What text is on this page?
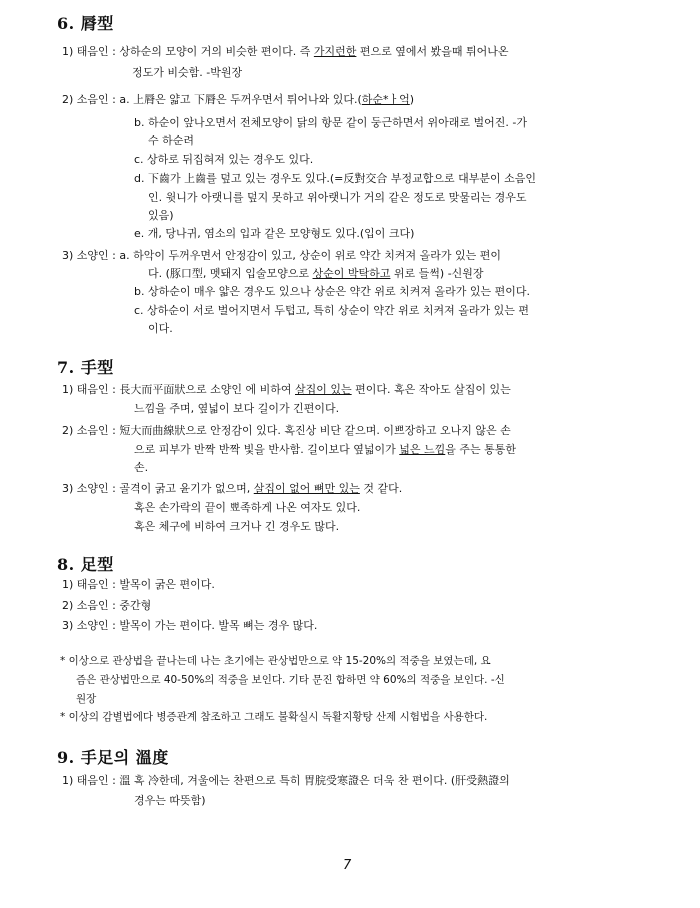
6. 脣型
1) 태음인 : 상하순의 모양이 거의 비슷한 편이다. 즉 가지런한 편으로 옆에서 봤을때 튀어나온
정도가 비슷함. -박원장
2) 소음인 : a. 上脣은 얇고 下脣은 두꺼우면서 튀어나와 있다.(하순*ㅏ억)
b. 하순이 앞나오면서 전체모양이 닭의 항문 같이 둥근하면서 위아래로 벌어진. -가
수 하순려
c. 상하로 뒤집혀져 있는 경우도 있다.
d. 下齒가 上齒를 덮고 있는 경우도 있다.(=反對交合 부정교합으로 대부분이 소음인
인. 윗니가 아랫니를 덮지 못하고 위아랫니가 거의 같은 정도로 맞물리는 경우도
있음)
e. 개, 당나귀, 염소의 입과 같은 모양형도 있다.(입이 크다)
3) 소양인 : a. 하악이 두꺼우면서 안정감이 있고, 상순이 위로 약간 치켜져 올라가 있는 편이
다. (豚口型, 멧돼지 입술모양으로 상순이 박탁하고 위로 들썩) -신원장
b. 상하순이 매우 얇은 경우도 있으나 상순은 약간 위로 치켜져 올라가 있는 편이다.
c. 상하순이 서로 벌어지면서 두텁고, 특히 상순이 약간 위로 치켜져 올라가 있는 편
이다.
7. 手型
1) 태음인 : 長大而平面狀으로 소양인 에 비하여 살집이 있는 편이다. 혹은 작아도 살집이 있는
느낌을 주며, 옆넓이 보다 길이가 긴편이다.
2) 소음인 : 短大而曲線狀으로 안정감이 있다. 혹진상 비단 같으며. 이쁘장하고 오나지 않은 손
으로 피부가 반짝 반짝 빛을 반사함. 길이보다 옆넓이가 넓은 느낌을 주는 통통한
손.
3) 소양인 : 골격이 굵고 윤기가 없으며, 살집이 없어 뼈만 있는 것 같다.
혹은 손가락의 끝이 뾰족하게 나온 여자도 있다.
혹은 체구에 비하여 크거나 긴 경우도 많다.
8. 足型
1) 태음인 : 발목이 굵은 편이다.
2) 소음인 : 중간형
3) 소양인 : 발목이 가는 편이다. 발목 뼈는 경우 많다.
* 이상으로 관상법을 끝나는데 나는 초기에는 관상법만으로 약 15-20%의 적중을 보였는데, 요
즘은 관상법만으로 40-50%의 적중을 보인다. 기타 문진 합하면 약 60%의 적중을 보인다. -신
원장
* 이상의 감별법에다 병증관계 참조하고 그래도 불확실시 독활지황탕 산제 시험법을 사용한다.
9. 手足의 溫度
1) 태음인 : 溫 혹 冷한데, 겨울에는 찬편으로 특히 胃脘受寒證은 더욱 찬 편이다. (肝受熱證의
경우는 따뜻함)
7
